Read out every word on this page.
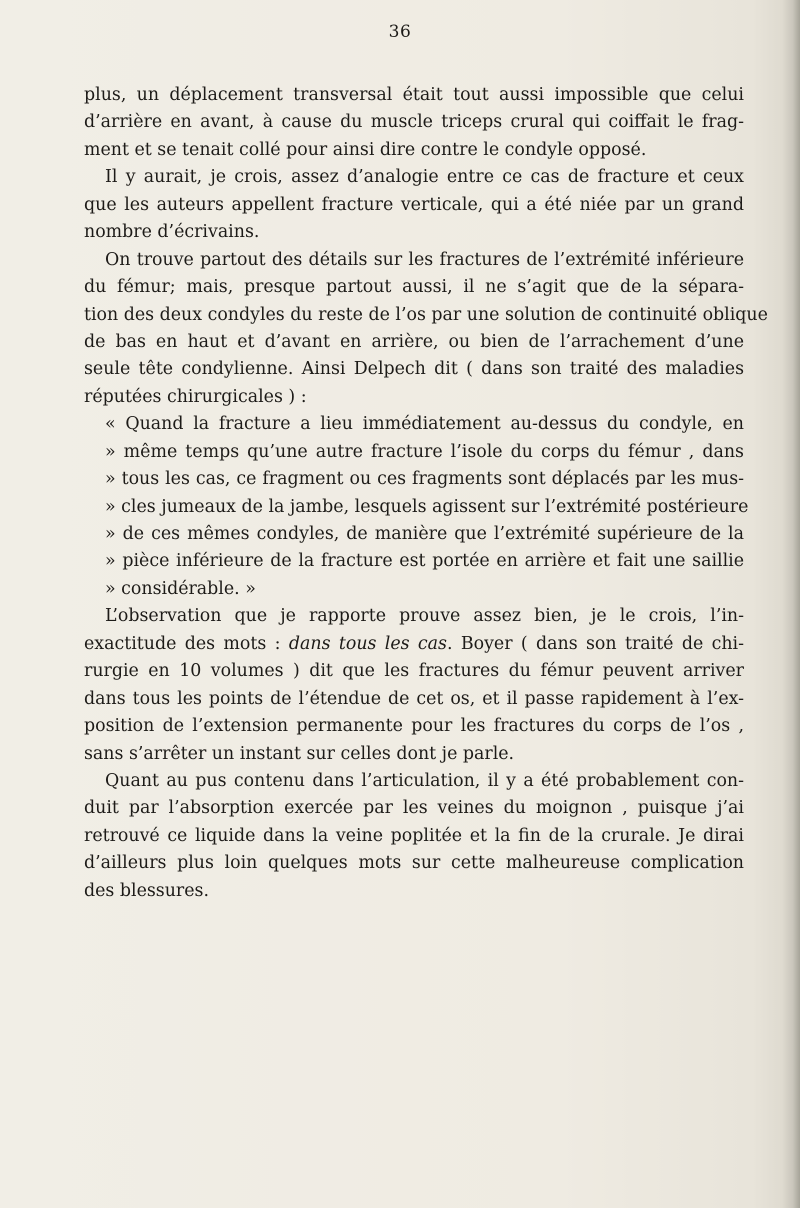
36
plus, un déplacement transversal était tout aussi impossible que celui
d’arrière en avant, à cause du muscle triceps crural qui coiffait le frag-
ment et se tenait collé pour ainsi dire contre le condyle opposé.
Il y aurait, je crois, assez d’analogie entre ce cas de fracture et ceux
que les auteurs appellent fracture verticale, qui a été niée par un grand
nombre d’écrivains.
On trouve partout des détails sur les fractures de l’extrémité inférieure
du fémur; mais, presque partout aussi, il ne s’agit que de la sépara-
tion des deux condyles du reste de l’os par une solution de continuité oblique
de bas en haut et d’avant en arrière, ou bien de l’arrachement d’une
seule tête condylienne. Ainsi Delpech dit ( dans son traité des maladies
réputées chirurgicales ) :
« Quand la fracture a lieu immédiatement au-dessus du condyle, en
» même temps qu’une autre fracture l’isole du corps du fémur , dans
» tous les cas, ce fragment ou ces fragments sont déplacés par les mus-
» cles jumeaux de la jambe, lesquels agissent sur l’extrémité postérieure
» de ces mêmes condyles, de manière que l’extrémité supérieure de la
» pièce inférieure de la fracture est portée en arrière et fait une saillie
» considérable. »
L’observation que je rapporte prouve assez bien, je le crois, l’in-
exactitude des mots : dans tous les cas. Boyer ( dans son traité de chi-
rurgie en 10 volumes ) dit que les fractures du fémur peuvent arriver
dans tous les points de l’étendue de cet os, et il passe rapidement à l’ex-
position de l’extension permanente pour les fractures du corps de l’os ,
sans s’arrêter un instant sur celles dont je parle.
Quant au pus contenu dans l’articulation, il y a été probablement con-
duit par l’absorption exercée par les veines du moignon , puisque j’ai
retrouvé ce liquide dans la veine poplitée et la fin de la crurale. Je dirai
d’ailleurs plus loin quelques mots sur cette malheureuse complication
des blessures.
